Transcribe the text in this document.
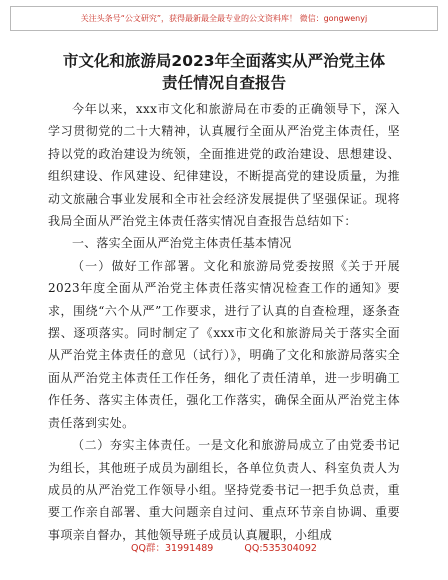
关注头条号“公文研究”，获得最新最全最专业的公文资料库！ 微信：gongwenyj
市文化和旅游局2023年全面落实从严治党主体
责任情况自查报告

今年以来，xxx市文化和旅游局在市委的正确领导下，深入学习贯彻党的二十大精神，认真履行全面从严治党主体责任，坚持以党的政治建设为统领，全面推进党的政治建设、思想建设、组织建设、作风建设、纪律建设，不断提高党的建设质量，为推动文旅融合事业发展和全市社会经济发展提供了坚强保证。现将我局全面从严治党主体责任落实情况自查报告总结如下：

一、落实全面从严治党主体责任基本情况

（一）做好工作部署。文化和旅游局党委按照《关于开展2023年度全面从严治党主体责任落实情况检查工作的通知》要求，围绕“六个从严”工作要求，进行了认真的自查检理，逐条查摆、逐项落实。同时制定了《xxx市文化和旅游局关于落实全面从严治党主体责任的意见（试行）》，明确了文化和旅游局落实全面从严治党主体责任工作任务，细化了责任清单，进一步明确工作任务、落实主体责任，强化工作落实，确保全面从严治党主体责任落到实处。

（二）夯实主体责任。一是文化和旅游局成立了由党委书记为组长，其他班子成员为副组长，各单位负责人、科室负责人为成员的从严治党工作领导小组。坚持党委书记一把手负总责，重要工作亲自部署、重大问题亲自过问、重点环节亲自协调、重要事项亲自督办，其他领导班子成员认真履职，小组成

QQ群：31991489	QQ:535304092
